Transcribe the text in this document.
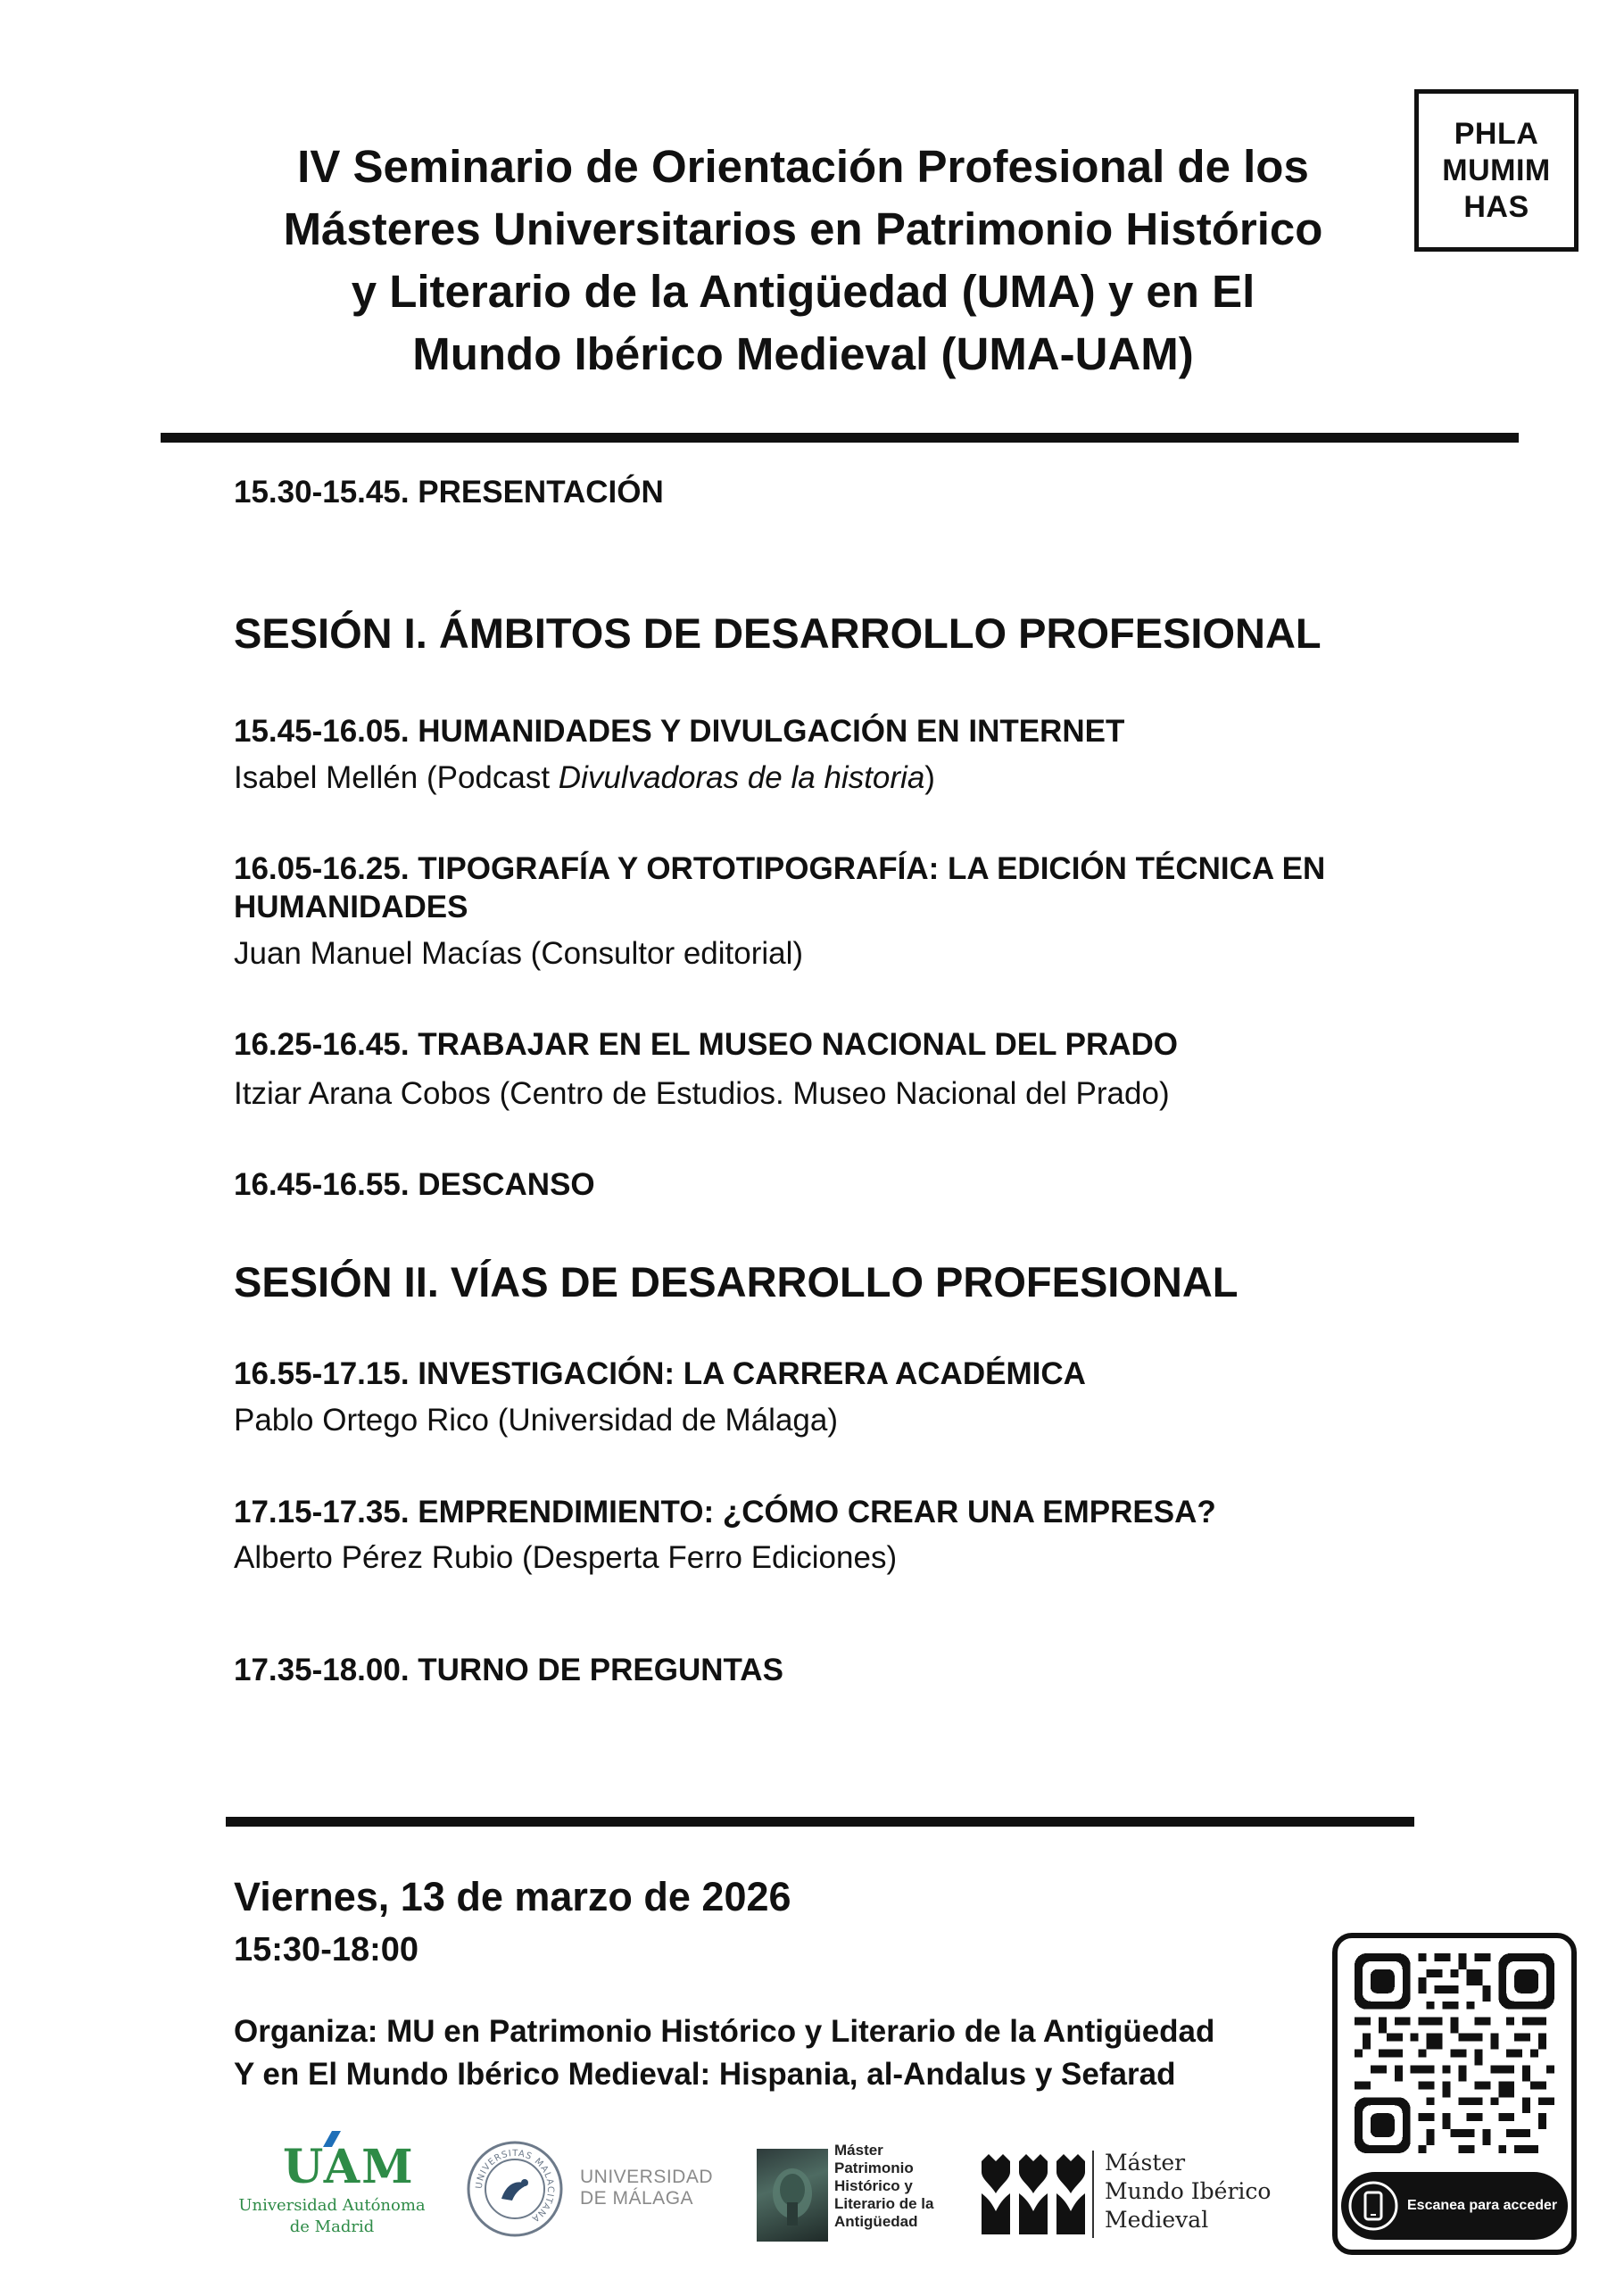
IV Seminario de Orientación Profesional de los
Másteres Universitarios en Patrimonio Histórico
y Literario de la Antigüedad (UMA) y en El
Mundo Ibérico Medieval (UMA-UAM)
PHLA
MUMIM
HAS
15.30-15.45. PRESENTACIÓN
SESIÓN I. ÁMBITOS DE DESARROLLO PROFESIONAL
15.45-16.05. HUMANIDADES Y DIVULGACIÓN EN INTERNET
Isabel Mellén (Podcast Divulvadoras de la historia)
16.05-16.25. TIPOGRAFÍA Y ORTOTIPOGRAFÍA: LA EDICIÓN TÉCNICA EN HUMANIDADES
Juan Manuel Macías (Consultor editorial)
16.25-16.45. TRABAJAR EN EL MUSEO NACIONAL DEL PRADO
Itziar Arana Cobos (Centro de Estudios. Museo Nacional del Prado)
16.45-16.55. DESCANSO
SESIÓN II. VÍAS DE DESARROLLO PROFESIONAL
16.55-17.15. INVESTIGACIÓN: LA CARRERA ACADÉMICA
Pablo Ortego Rico (Universidad de Málaga)
17.15-17.35. EMPRENDIMIENTO: ¿CÓMO CREAR UNA EMPRESA?
Alberto Pérez Rubio (Desperta Ferro Ediciones)
17.35-18.00. TURNO DE PREGUNTAS
Viernes, 13 de marzo de 2026
15:30-18:00
Organiza: MU en Patrimonio Histórico y Literario de la Antigüedad
Y en El Mundo Ibérico Medieval: Hispania, al-Andalus y Sefarad
UAM
Universidad Autónoma
de Madrid
UNIVERSITAS MALACITANA
UNIVERSIDAD
DE MÁLAGA
Máster
Patrimonio
Histórico y
Literario de la
Antigüedad
Máster
Mundo Ibérico
Medieval
Escanea para acceder
